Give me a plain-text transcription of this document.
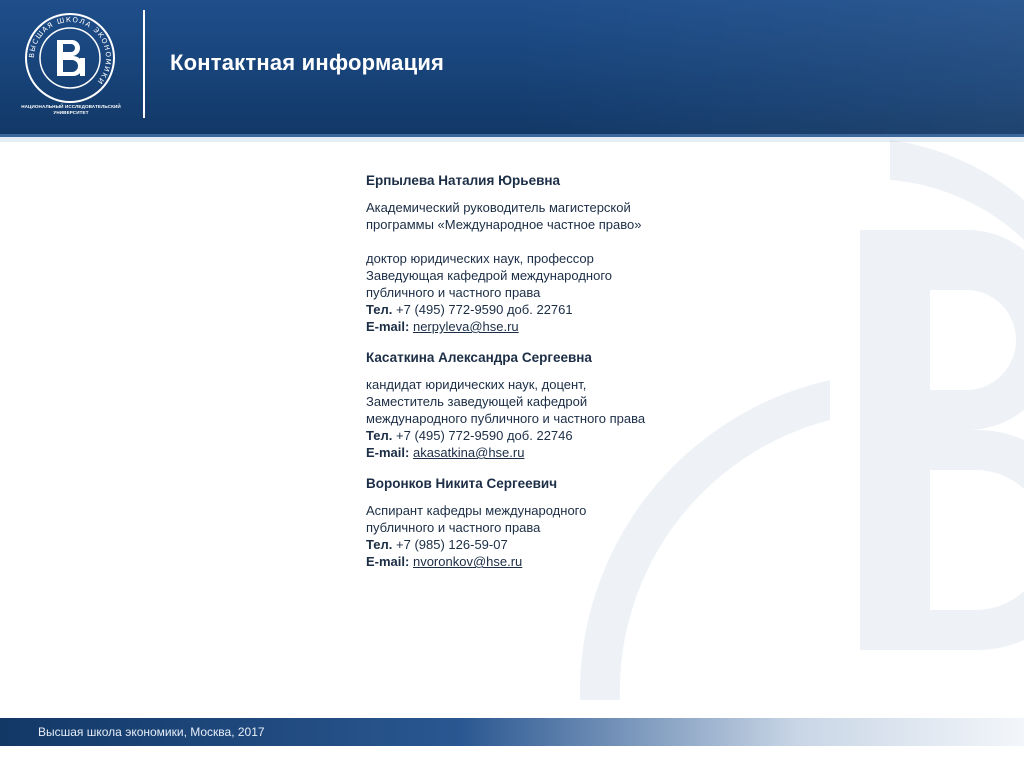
ВЫСШАЯ ШКОЛА ЭКОНОМИКИ
НАЦИОНАЛЬНЫЙ ИССЛЕДОВАТЕЛЬСКИЙ УНИВЕРСИТЕТ
Контактная информация
Ерпылева Наталия Юрьевна
Академический руководитель магистерской
программы «Международное частное право»
доктор юридических наук, профессор
Заведующая кафедрой международного
публичного и частного права
Тел. +7 (495) 772-9590 доб. 22761
E-mail: nerpyleva@hse.ru
Касаткина Александра Сергеевна
кандидат юридических наук, доцент,
Заместитель заведующей кафедрой
международного публичного и частного права
Тел. +7 (495) 772-9590 доб. 22746
E-mail: akasatkina@hse.ru
Воронков Никита Сергеевич
Аспирант кафедры международного
публичного и частного права
Тел. +7 (985) 126-59-07
E-mail: nvoronkov@hse.ru
Высшая школа экономики, Москва, 2017
